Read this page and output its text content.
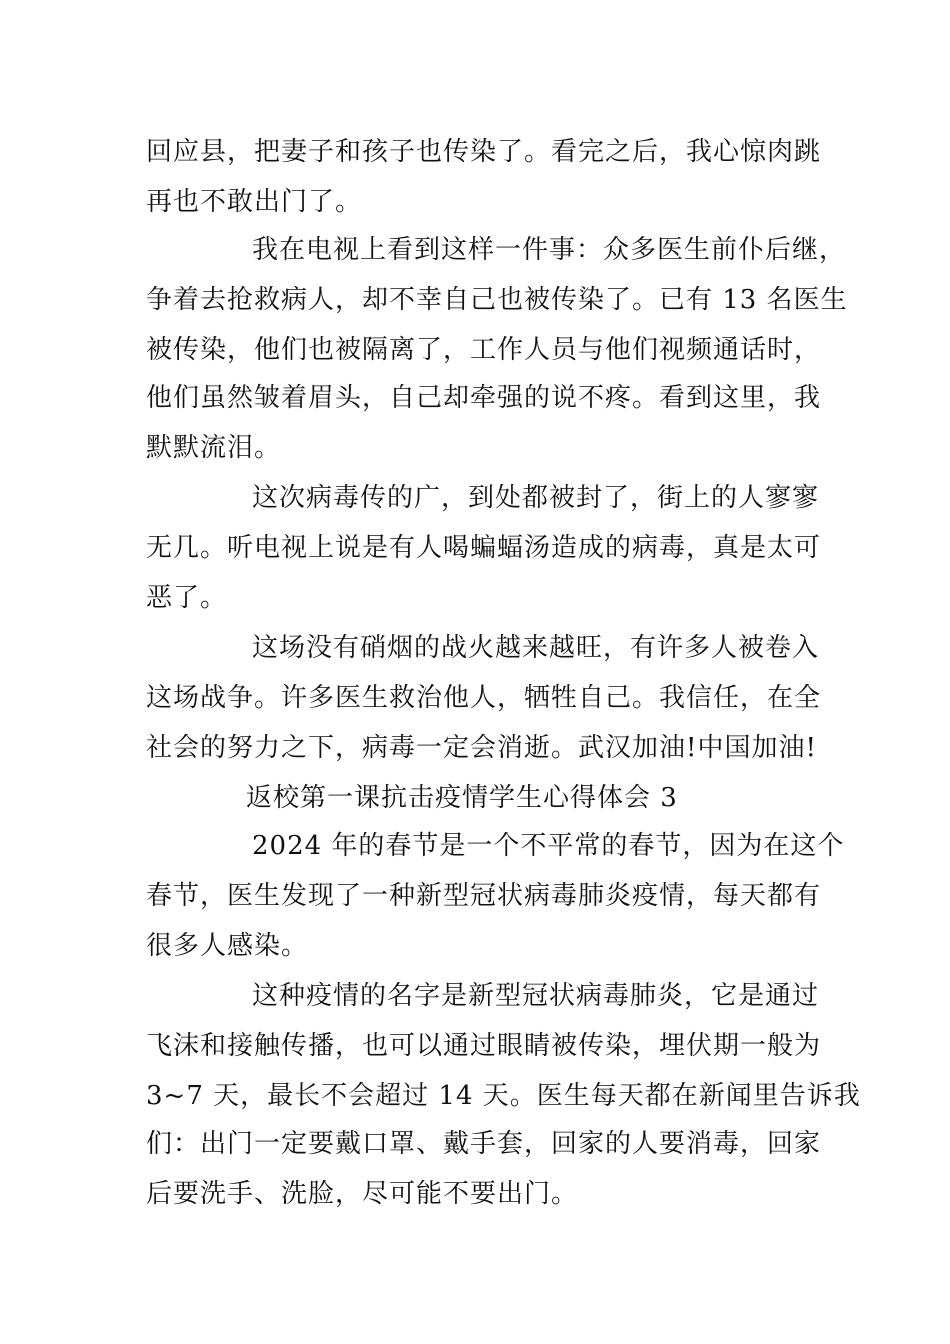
回应县，把妻子和孩子也传染了。看完之后，我心惊肉跳
再也不敢出门了。
我在电视上看到这样一件事：众多医生前仆后继，
争着去抢救病人，却不幸自己也被传染了。已有 13 名医生
被传染，他们也被隔离了，工作人员与他们视频通话时，
他们虽然皱着眉头，自己却牵强的说不疼。看到这里，我
默默流泪。
这次病毒传的广，到处都被封了，街上的人寥寥
无几。听电视上说是有人喝蝙蝠汤造成的病毒，真是太可
恶了。
这场没有硝烟的战火越来越旺，有许多人被卷入
这场战争。许多医生救治他人，牺牲自己。我信任，在全
社会的努力之下，病毒一定会消逝。武汉加油!中国加油!
返校第一课抗击疫情学生心得体会 3
2024 年的春节是一个不平常的春节，因为在这个
春节，医生发现了一种新型冠状病毒肺炎疫情，每天都有
很多人感染。
这种疫情的名字是新型冠状病毒肺炎，它是通过
飞沫和接触传播，也可以通过眼睛被传染，埋伏期一般为
3~7 天，最长不会超过 14 天。医生每天都在新闻里告诉我
们：出门一定要戴口罩、戴手套，回家的人要消毒，回家
后要洗手、洗脸，尽可能不要出门。
